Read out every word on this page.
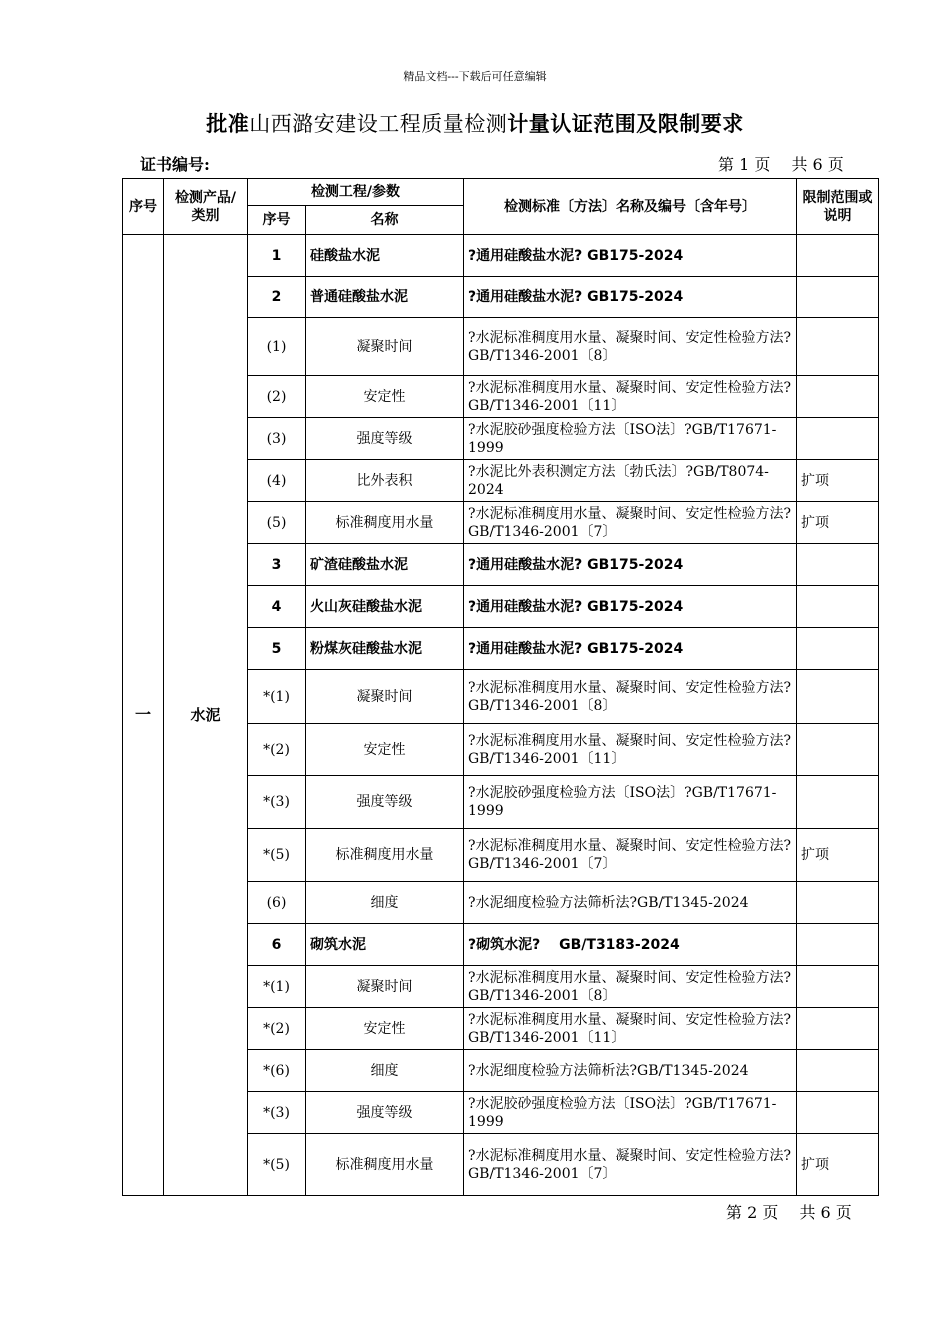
精品文档---下载后可任意编辑
批准山西潞安建设工程质量检测计量认证范围及限制要求
证书编号:	第 1 页　 共 6 页
序号	检测产品/类别	检测工程/参数		检测标准〔方法〕名称及编号〔含年号〕	限制范围或说明
		序号	名称		
一	水泥	1	硅酸盐水泥	?通用硅酸盐水泥? GB175-2024	
		2	普通硅酸盐水泥	?通用硅酸盐水泥? GB175-2024	
		(1)	凝聚时间	?水泥标准稠度用水量、凝聚时间、安定性检验方法?GB/T1346-2001〔8〕	
		(2)	安定性	?水泥标准稠度用水量、凝聚时间、安定性检验方法?GB/T1346-2001〔11〕	
		(3)	强度等级	?水泥胶砂强度检验方法〔ISO法〕?GB/T17671-1999	
		(4)	比外表积	?水泥比外表积测定方法〔勃氏法〕?GB/T8074-2024	扩项
		(5)	标准稠度用水量	?水泥标准稠度用水量、凝聚时间、安定性检验方法?GB/T1346-2001〔7〕	扩项
		3	矿渣硅酸盐水泥	?通用硅酸盐水泥? GB175-2024	
		4	火山灰硅酸盐水泥	?通用硅酸盐水泥? GB175-2024	
		5	粉煤灰硅酸盐水泥	?通用硅酸盐水泥? GB175-2024	
		*(1)	凝聚时间	?水泥标准稠度用水量、凝聚时间、安定性检验方法?GB/T1346-2001〔8〕	
		*(2)	安定性	?水泥标准稠度用水量、凝聚时间、安定性检验方法?GB/T1346-2001〔11〕	
		*(3)	强度等级	?水泥胶砂强度检验方法〔ISO法〕?GB/T17671-1999	
		*(5)	标准稠度用水量	?水泥标准稠度用水量、凝聚时间、安定性检验方法?GB/T1346-2001〔7〕	扩项
		(6)	细度	?水泥细度检验方法筛析法?GB/T1345-2024	
		6	砌筑水泥	?砌筑水泥?　 GB/T3183-2024	
		*(1)	凝聚时间	?水泥标准稠度用水量、凝聚时间、安定性检验方法?GB/T1346-2001〔8〕	
		*(2)	安定性	?水泥标准稠度用水量、凝聚时间、安定性检验方法?GB/T1346-2001〔11〕	
		*(6)	细度	?水泥细度检验方法筛析法?GB/T1345-2024	
		*(3)	强度等级	?水泥胶砂强度检验方法〔ISO法〕?GB/T17671-1999	
		*(5)	标准稠度用水量	?水泥标准稠度用水量、凝聚时间、安定性检验方法?GB/T1346-2001〔7〕	扩项
第 2 页　 共 6 页
